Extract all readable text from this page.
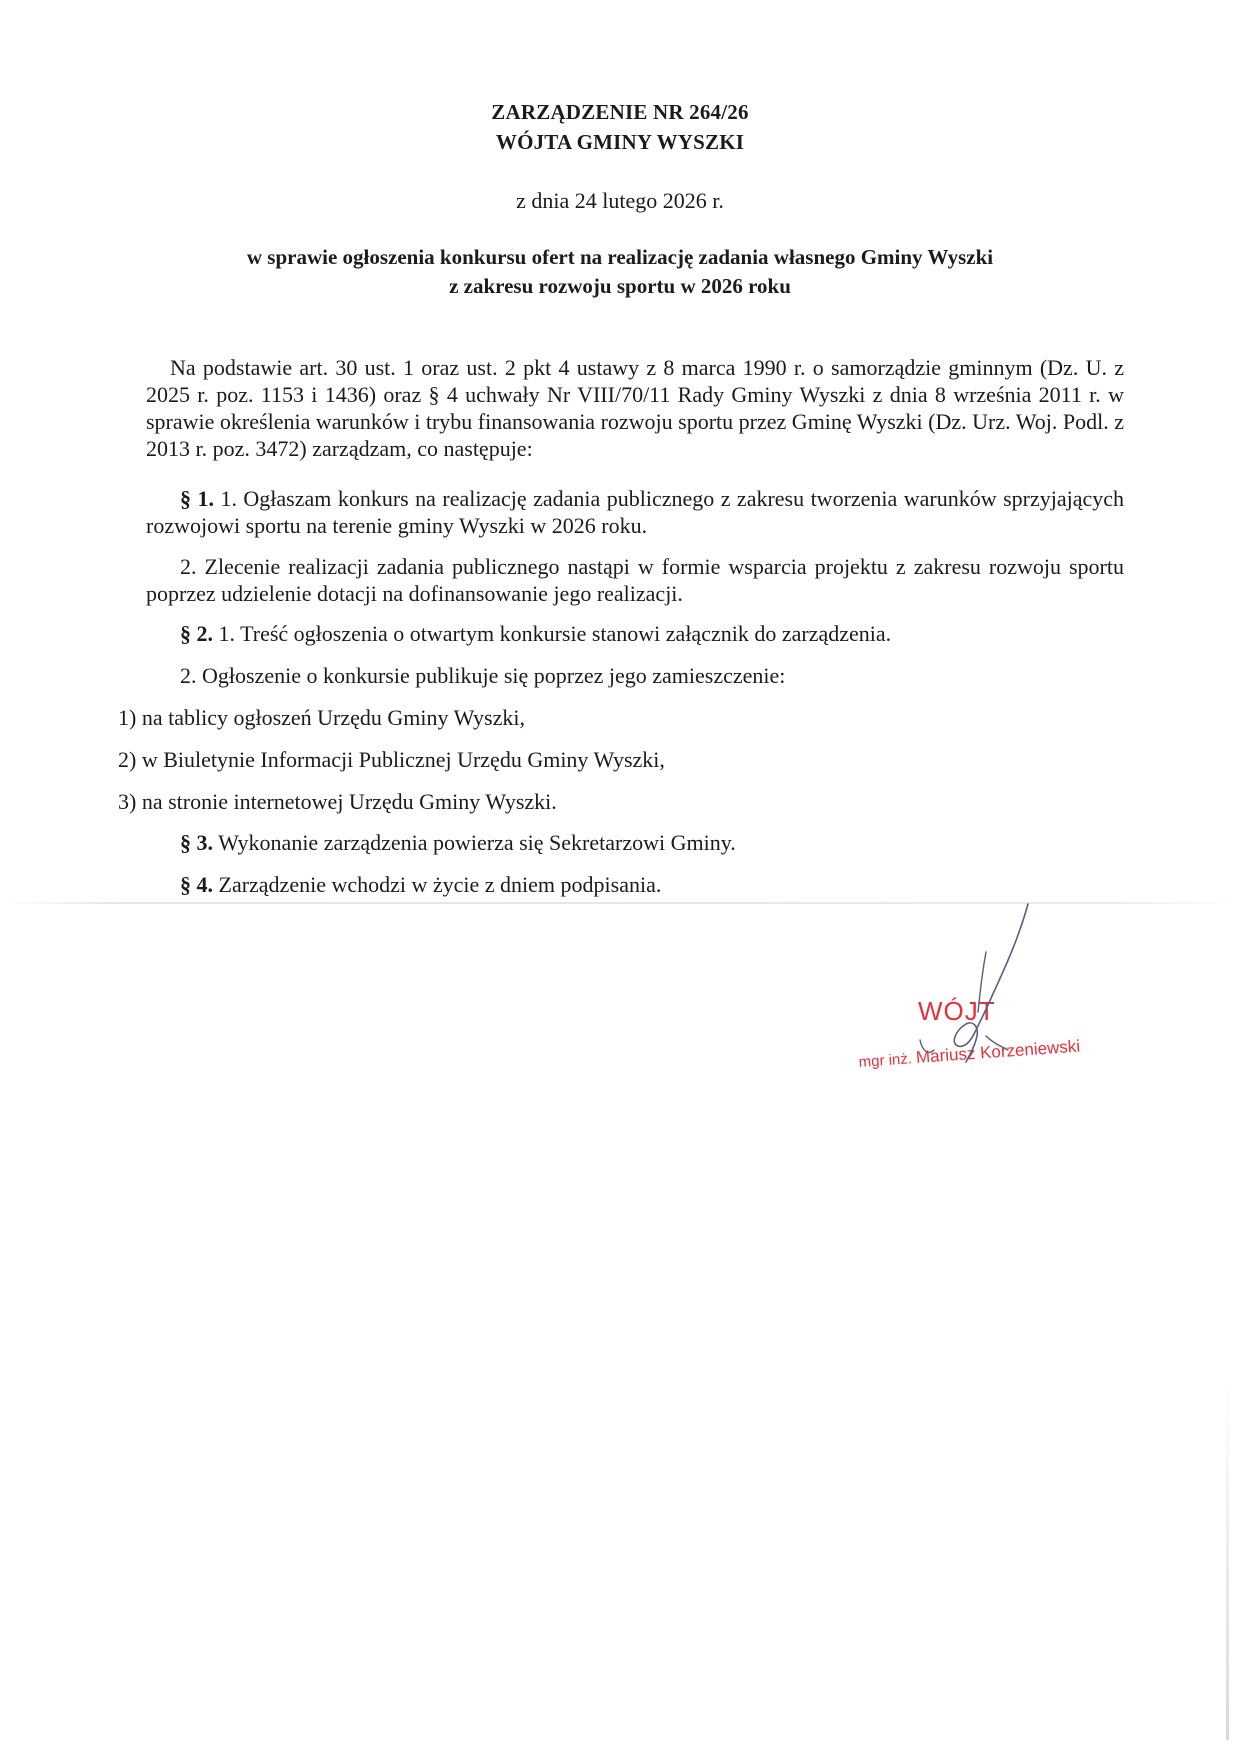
ZARZĄDZENIE NR 264/26
WÓJTA GMINY WYSZKI
z dnia 24 lutego 2026 r.
w sprawie ogłoszenia konkursu ofert na realizację zadania własnego Gminy Wyszki
z zakresu rozwoju sportu w 2026 roku
Na podstawie art. 30 ust. 1 oraz ust. 2 pkt 4 ustawy z 8 marca 1990 r. o samorządzie gminnym (Dz. U. z 2025 r. poz. 1153 i 1436) oraz § 4 uchwały Nr VIII/70/11 Rady Gminy Wyszki z dnia 8 września 2011 r. w sprawie określenia warunków i trybu finansowania rozwoju sportu przez Gminę Wyszki (Dz. Urz. Woj. Podl. z 2013 r. poz. 3472) zarządzam, co następuje:
§ 1. 1. Ogłaszam konkurs na realizację zadania publicznego z zakresu tworzenia warunków sprzyjających rozwojowi sportu na terenie gminy Wyszki w 2026 roku.
2. Zlecenie realizacji zadania publicznego nastąpi w formie wsparcia projektu z zakresu rozwoju sportu poprzez udzielenie dotacji na dofinansowanie jego realizacji.
§ 2. 1. Treść ogłoszenia o otwartym konkursie stanowi załącznik do zarządzenia.
2. Ogłoszenie o konkursie publikuje się poprzez jego zamieszczenie:
1) na tablicy ogłoszeń Urzędu Gminy Wyszki,
2) w Biuletynie Informacji Publicznej Urzędu Gminy Wyszki,
3) na stronie internetowej Urzędu Gminy Wyszki.
§ 3. Wykonanie zarządzenia powierza się Sekretarzowi Gminy.
§ 4. Zarządzenie wchodzi w życie z dniem podpisania.
WÓJT
mgr inż. Mariusz Korzeniewski
